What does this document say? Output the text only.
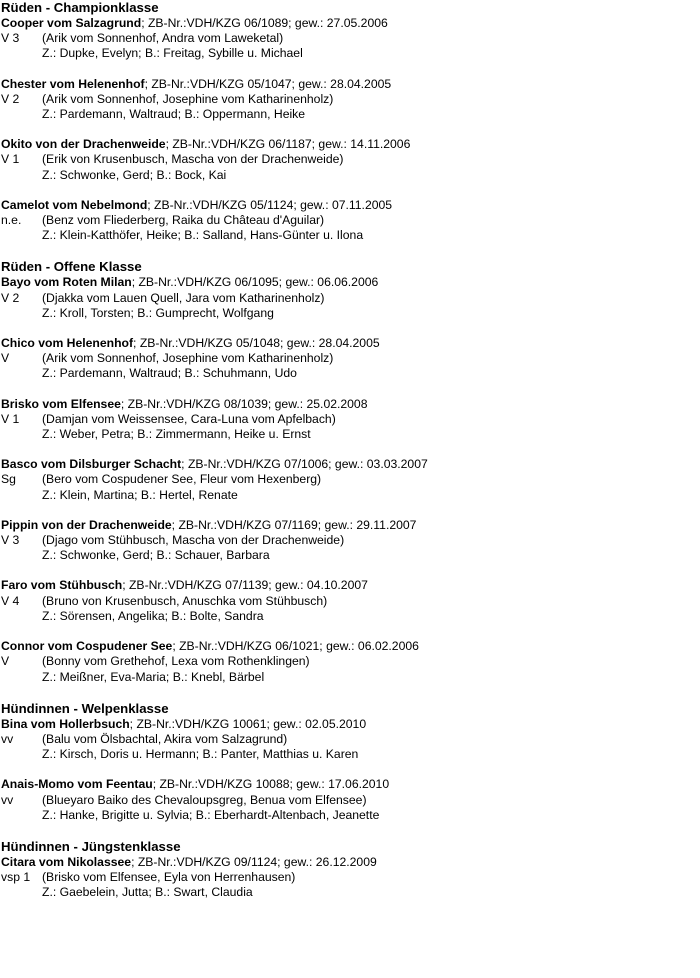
Rüden - Championklasse
Cooper vom Salzagrund; ZB-Nr.:VDH/KZG 06/1089; gew.: 27.05.2006
V 3 (Arik vom Sonnenhof, Andra vom Laweketal)
Z.: Dupke, Evelyn; B.: Freitag, Sybille u. Michael
Chester vom Helenenhof; ZB-Nr.:VDH/KZG 05/1047; gew.: 28.04.2005
V 2 (Arik vom Sonnenhof, Josephine vom Katharinenholz)
Z.: Pardemann, Waltraud; B.: Oppermann, Heike
Okito von der Drachenweide; ZB-Nr.:VDH/KZG 06/1187; gew.: 14.11.2006
V 1 (Erik von Krusenbusch, Mascha von der Drachenweide)
Z.: Schwonke, Gerd; B.: Bock, Kai
Camelot vom Nebelmond; ZB-Nr.:VDH/KZG 05/1124; gew.: 07.11.2005
n.e. (Benz vom Fliederberg, Raika du Château d'Aguilar)
Z.: Klein-Katthöfer, Heike; B.: Salland, Hans-Günter u. Ilona
Rüden - Offene Klasse
Bayo vom Roten Milan; ZB-Nr.:VDH/KZG 06/1095; gew.: 06.06.2006
V 2 (Djakka vom Lauen Quell, Jara vom Katharinenholz)
Z.: Kroll, Torsten; B.: Gumprecht, Wolfgang
Chico vom Helenenhof; ZB-Nr.:VDH/KZG 05/1048; gew.: 28.04.2005
V	(Arik vom Sonnenhof, Josephine vom Katharinenholz)
Z.: Pardemann, Waltraud; B.: Schuhmann, Udo
Brisko vom Elfensee; ZB-Nr.:VDH/KZG 08/1039; gew.: 25.02.2008
V 1 (Damjan vom Weissensee, Cara-Luna vom Apfelbach)
Z.: Weber, Petra; B.: Zimmermann, Heike u. Ernst
Basco vom Dilsburger Schacht; ZB-Nr.:VDH/KZG 07/1006; gew.: 03.03.2007
Sg (Bero vom Cospudener See, Fleur vom Hexenberg)
Z.: Klein, Martina; B.: Hertel, Renate
Pippin von der Drachenweide; ZB-Nr.:VDH/KZG 07/1169; gew.: 29.11.2007
V 3 (Djago vom Stühbusch, Mascha von der Drachenweide)
Z.: Schwonke, Gerd; B.: Schauer, Barbara
Faro vom Stühbusch; ZB-Nr.:VDH/KZG 07/1139; gew.: 04.10.2007
V 4 (Bruno von Krusenbusch, Anuschka vom Stühbusch)
Z.: Sörensen, Angelika; B.: Bolte, Sandra
Connor vom Cospudener See; ZB-Nr.:VDH/KZG 06/1021; gew.: 06.02.2006
V	(Bonny vom Grethehof, Lexa vom Rothenklingen)
Z.: Meißner, Eva-Maria; B.: Knebl, Bärbel
Hündinnen - Welpenklasse
Bina vom Hollerbsuch; ZB-Nr.:VDH/KZG 10061; gew.: 02.05.2010
vv (Balu vom Ölsbachtal, Akira vom Salzagrund)
Z.: Kirsch, Doris u. Hermann; B.: Panter, Matthias u. Karen
Anais-Momo vom Feentau; ZB-Nr.:VDH/KZG 10088; gew.: 17.06.2010
vv (Blueyaro Baiko des Chevaloupsgreg, Benua vom Elfensee)
Z.: Hanke, Brigitte u. Sylvia; B.: Eberhardt-Altenbach, Jeanette
Hündinnen - Jüngstenklasse
Citara vom Nikolassee; ZB-Nr.:VDH/KZG 09/1124; gew.: 26.12.2009
vsp 1 (Brisko vom Elfensee, Eyla von Herrenhausen)
Z.: Gaebelein, Jutta; B.: Swart, Claudia
